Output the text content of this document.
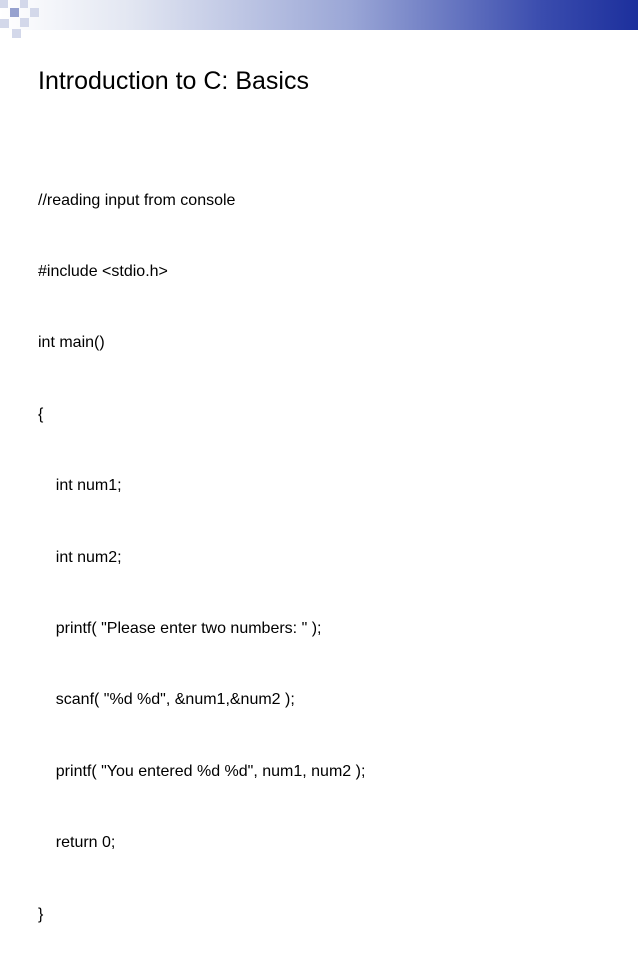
Introduction to C: Basics

//reading input from console

#include <stdio.h>

int main()

{

int num1;

int num2;

printf( "Please enter two numbers: " );

scanf( "%d %d", &num1,&num2 );

printf( "You entered %d %d", num1, num2 );

return 0;

}
